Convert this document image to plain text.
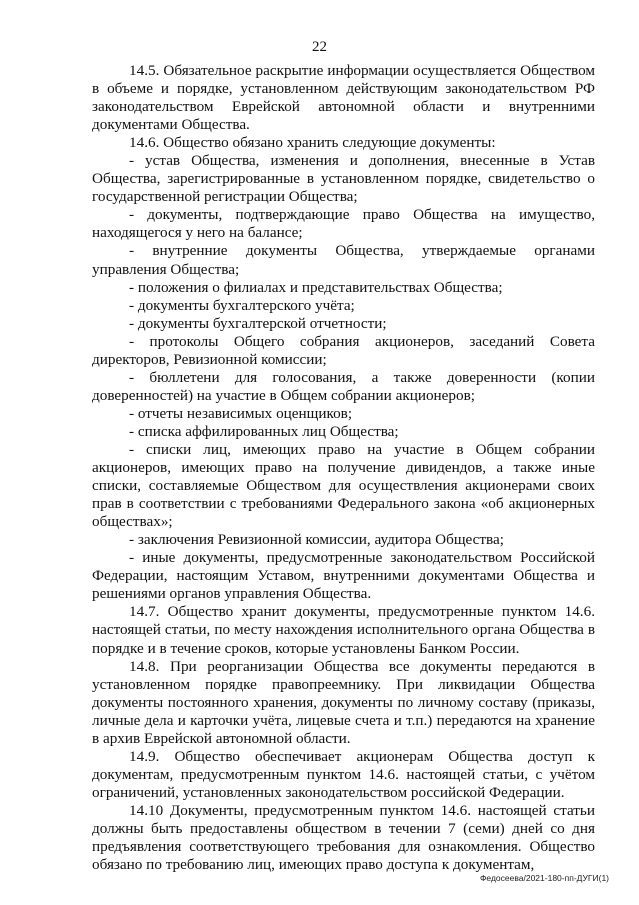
22

14.5. Обязательное раскрытие информации осуществляется Обществом в объеме и порядке, установленном действующим законодательством РФ законодательством Еврейской автономной области и внутренними документами Общества.

14.6. Общество обязано хранить следующие документы:

- устав Общества, изменения и дополнения, внесенные в Устав Общества, зарегистрированные в установленном порядке, свидетельство о государственной регистрации Общества;

- документы, подтверждающие право Общества на имущество, находящегося у него на балансе;

- внутренние документы Общества, утверждаемые органами управления Общества;

- положения о филиалах и представительствах Общества;

- документы бухгалтерского учёта;

- документы бухгалтерской отчетности;

- протоколы Общего собрания акционеров, заседаний Совета директоров, Ревизионной комиссии;

- бюллетени для голосования, а также доверенности (копии доверенностей) на участие в Общем собрании акционеров;

- отчеты независимых оценщиков;

- списка аффилированных лиц Общества;

- списки лиц, имеющих право на участие в Общем собрании акционеров, имеющих право на получение дивидендов, а также иные списки, составляемые Обществом для осуществления акционерами своих прав в соответствии с требованиями Федерального закона «об акционерных обществах»;

- заключения Ревизионной комиссии, аудитора Общества;

- иные документы, предусмотренные законодательством Российской Федерации, настоящим Уставом, внутренними документами Общества и решениями органов управления Общества.

14.7. Общество хранит документы, предусмотренные пунктом 14.6. настоящей статьи, по месту нахождения исполнительного органа Общества в порядке и в течение сроков, которые установлены Банком России.

14.8. При реорганизации Общества все документы передаются в установленном порядке правопреемнику. При ликвидации Общества документы постоянного хранения, документы по личному составу (приказы, личные дела и карточки учёта, лицевые счета и т.п.) передаются на хранение в архив Еврейской автономной области.

14.9. Общество обеспечивает акционерам Общества доступ к документам, предусмотренным пунктом 14.6. настоящей статьи, с учётом ограничений, установленных законодательством российской Федерации.

14.10 Документы, предусмотренным пунктом 14.6. настоящей статьи должны быть предоставлены обществом в течении 7 (семи) дней со дня предъявления соответствующего требования для ознакомления. Общество обязано по требованию лиц, имеющих право доступа к документам,

Федосеева/2021-180-пп-ДУГИ(1)
